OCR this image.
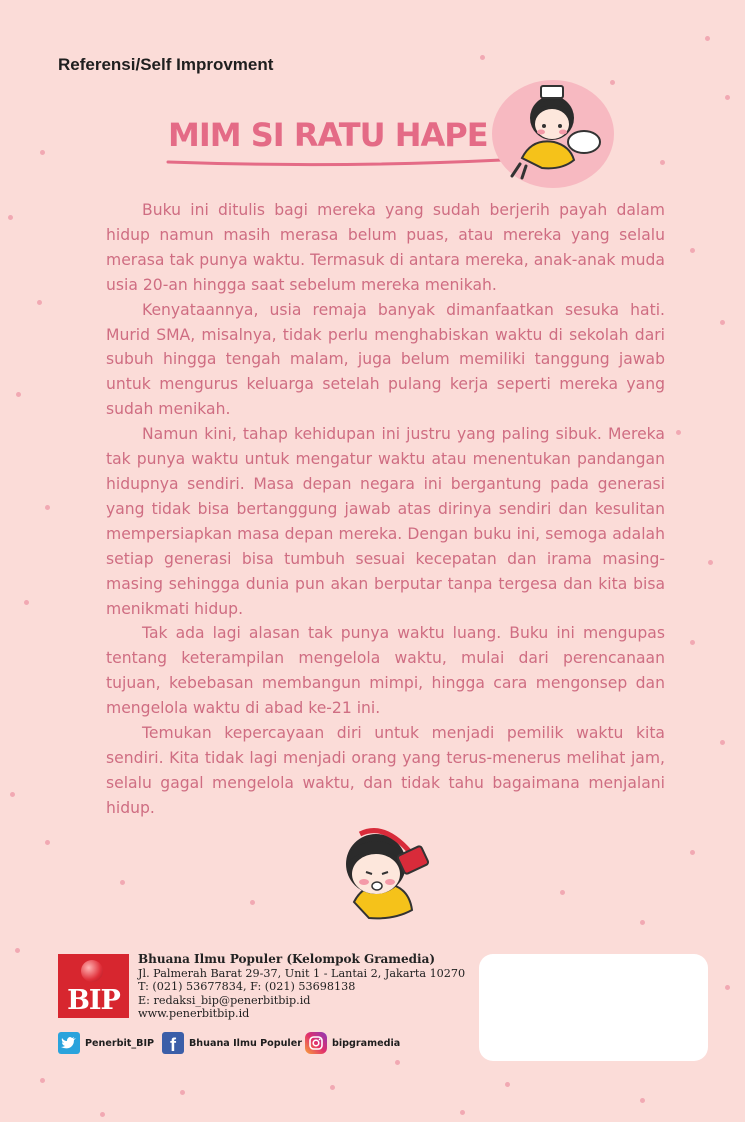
Referensi/Self Improvment
MIM SI RATU HAPE

Buku ini ditulis bagi mereka yang sudah berjerih payah dalam hidup namun masih merasa belum puas, atau mereka yang selalu merasa tak punya waktu. Termasuk di antara mereka, anak-anak muda usia 20-an hingga saat sebelum mereka menikah.

Kenyataannya, usia remaja banyak dimanfaatkan sesuka hati. Murid SMA, misalnya, tidak perlu menghabiskan waktu di sekolah dari subuh hingga tengah malam, juga belum memiliki tanggung jawab untuk mengurus keluarga setelah pulang kerja seperti mereka yang sudah menikah.

Namun kini, tahap kehidupan ini justru yang paling sibuk. Mereka tak punya waktu untuk mengatur waktu atau menentukan pandangan hidupnya sendiri. Masa depan negara ini bergantung pada generasi yang tidak bisa bertanggung jawab atas dirinya sendiri dan kesulitan mempersiapkan masa depan mereka. Dengan buku ini, semoga adalah setiap generasi bisa tumbuh sesuai kecepatan dan irama masing-masing sehingga dunia pun akan berputar tanpa tergesa dan kita bisa menikmati hidup.

Tak ada lagi alasan tak punya waktu luang. Buku ini mengupas tentang keterampilan mengelola waktu, mulai dari perencanaan tujuan, kebebasan membangun mimpi, hingga cara mengonsep dan mengelola waktu di abad ke-21 ini.

Temukan kepercayaan diri untuk menjadi pemilik waktu kita sendiri. Kita tidak lagi menjadi orang yang terus-menerus melihat jam, selalu gagal mengelola waktu, dan tidak tahu bagaimana menjalani hidup.

BIP
Bhuana Ilmu Populer (Kelompok Gramedia)
Jl. Palmerah Barat 29-37, Unit 1 - Lantai 2, Jakarta 10270
T: (021) 53677834, F: (021) 53698138
E: redaksi_bip@penerbitbip.id
www.penerbitbip.id
Penerbit_BIP f Bhuana Ilmu Populer	bipgramedia
